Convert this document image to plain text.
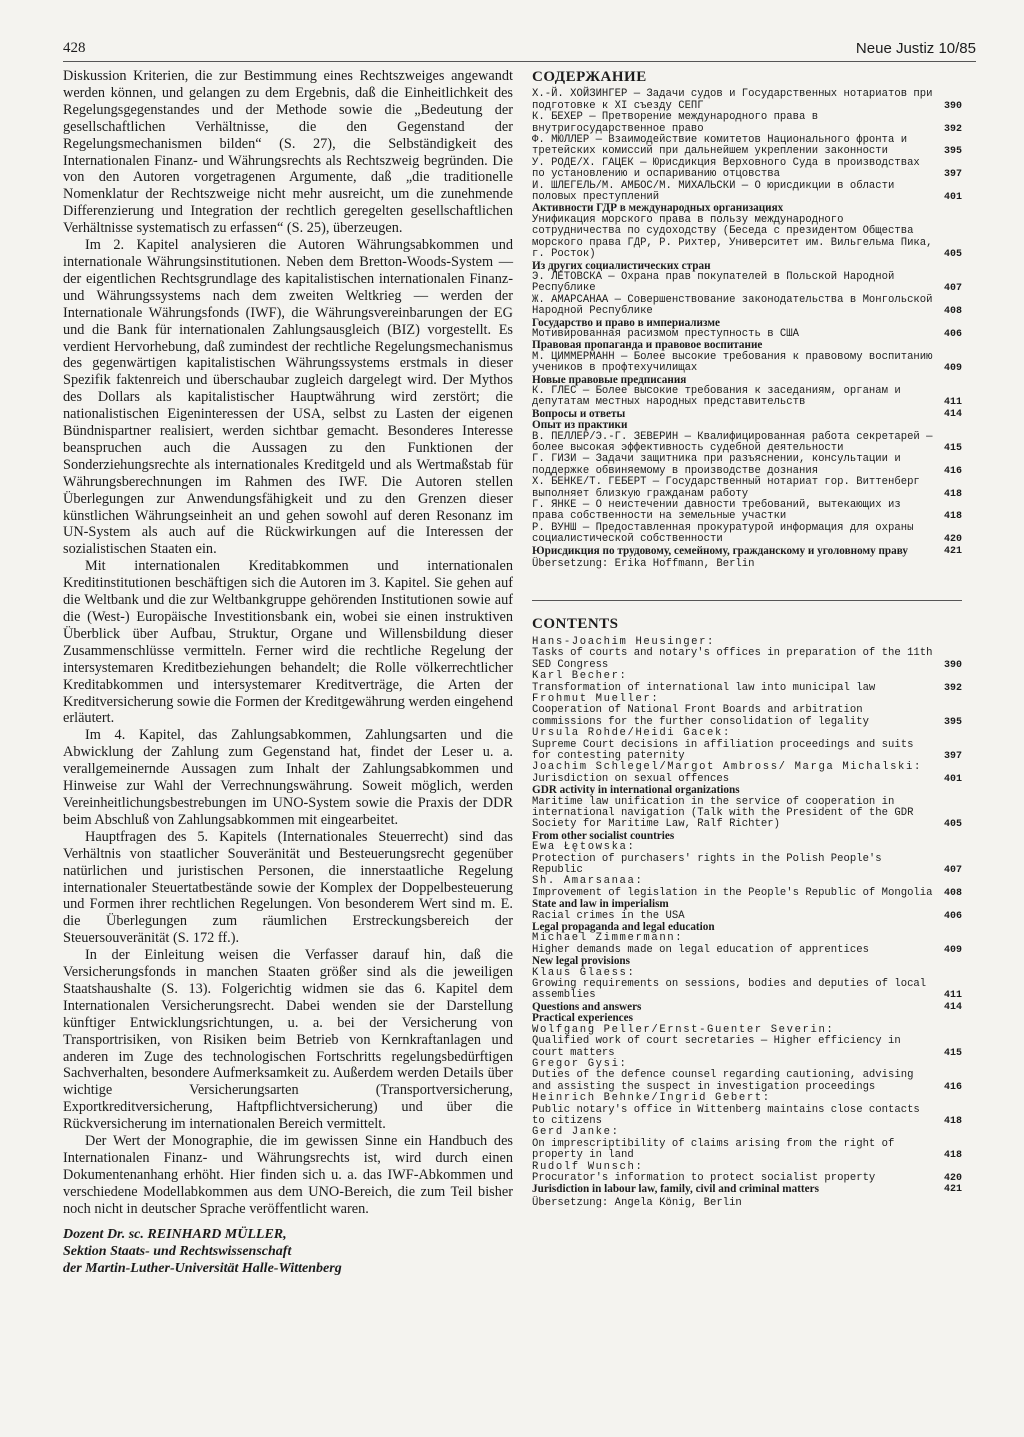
428	Neue Justiz 10/85

Diskussion Kriterien, die zur Bestimmung eines Rechtszweiges angewandt werden können, und gelangen zu dem Ergebnis, daß die Einheitlichkeit des Regelungsgegenstandes und der Methode sowie die „Bedeutung der gesellschaftlichen Verhältnisse, die den Gegenstand der Regelungsmechanismen bilden“ (S. 27), die Selbständigkeit des Internationalen Finanz- und Währungsrechts als Rechtszweig begründen. Die von den Autoren vorgetragenen Argumente, daß „die traditionelle Nomenklatur der Rechtszweige nicht mehr ausreicht, um die zunehmende Differenzierung und Integration der rechtlich geregelten gesellschaftlichen Verhältnisse systematisch zu erfassen“ (S. 25), überzeugen.

Im 2. Kapitel analysieren die Autoren Währungsabkommen und internationale Währungsinstitutionen. Neben dem Bretton-Woods-System — der eigentlichen Rechtsgrundlage des kapitalistischen internationalen Finanz- und Währungssystems nach dem zweiten Weltkrieg — werden der Internationale Währungsfonds (IWF), die Währungsvereinbarungen der EG und die Bank für internationalen Zahlungsausgleich (BIZ) vorgestellt. Es verdient Hervorhebung, daß zumindest der rechtliche Regelungsmechanismus des gegenwärtigen kapitalistischen Währungssystems erstmals in dieser Spezifik faktenreich und überschaubar zugleich dargelegt wird. Der Mythos des Dollars als kapitalistischer Hauptwährung wird zerstört; die nationalistischen Eigeninteressen der USA, selbst zu Lasten der eigenen Bündnispartner realisiert, werden sichtbar gemacht. Besonderes Interesse beanspruchen auch die Aussagen zu den Funktionen der Sonderziehungsrechte als internationales Kreditgeld und als Wertmaßstab für Währungsberechnungen im Rahmen des IWF. Die Autoren stellen Überlegungen zur Anwendungsfähigkeit und zu den Grenzen dieser künstlichen Währungseinheit an und gehen sowohl auf deren Resonanz im UN-System als auch auf die Rückwirkungen auf die Interessen der sozialistischen Staaten ein.

Mit internationalen Kreditabkommen und internationalen Kreditinstitutionen beschäftigen sich die Autoren im 3. Kapitel. Sie gehen auf die Weltbank und die zur Weltbankgruppe gehörenden Institutionen sowie auf die (West-) Europäische Investitionsbank ein, wobei sie einen instruktiven Überblick über Aufbau, Struktur, Organe und Willensbildung dieser Zusammenschlüsse vermitteln. Ferner wird die rechtliche Regelung der intersystemaren Kreditbeziehungen behandelt; die Rolle völkerrechtlicher Kreditabkommen und intersystemarer Kreditverträge, die Arten der Kreditversicherung sowie die Formen der Kreditgewährung werden eingehend erläutert.

Im 4. Kapitel, das Zahlungsabkommen, Zahlungsarten und die Abwicklung der Zahlung zum Gegenstand hat, findet der Leser u. a. verallgemeinernde Aussagen zum Inhalt der Zahlungsabkommen und Hinweise zur Wahl der Verrechnungswährung. Soweit möglich, werden Vereinheitlichungsbestrebungen im UNO-System sowie die Praxis der DDR beim Abschluß von Zahlungsabkommen mit eingearbeitet.

Hauptfragen des 5. Kapitels (Internationales Steuerrecht) sind das Verhältnis von staatlicher Souveränität und Besteuerungsrecht gegenüber natürlichen und juristischen Personen, die innerstaatliche Regelung internationaler Steuertatbestände sowie der Komplex der Doppelbesteuerung und Formen ihrer rechtlichen Regelungen. Von besonderem Wert sind m. E. die Überlegungen zum räumlichen Erstreckungsbereich der Steuersouveränität (S. 172 ff.).

In der Einleitung weisen die Verfasser darauf hin, daß die Versicherungsfonds in manchen Staaten größer sind als die jeweiligen Staatshaushalte (S. 13). Folgerichtig widmen sie das 6. Kapitel dem Internationalen Versicherungsrecht. Dabei wenden sie der Darstellung künftiger Entwicklungsrichtungen, u. a. bei der Versicherung von Transportrisiken, von Risiken beim Betrieb von Kernkraftanlagen und anderen im Zuge des technologischen Fortschritts regelungsbedürftigen Sachverhalten, besondere Aufmerksamkeit zu. Außerdem werden Details über wichtige Versicherungsarten (Transportversicherung, Exportkreditversicherung, Haftpflichtversicherung) und über die Rückversicherung im internationalen Bereich vermittelt.

Der Wert der Monographie, die im gewissen Sinne ein Handbuch des Internationalen Finanz- und Währungsrechts ist, wird durch einen Dokumentenanhang erhöht. Hier finden sich u. a. das IWF-Abkommen und verschiedene Modellabkommen aus dem UNO-Bereich, die zum Teil bisher noch nicht in deutscher Sprache veröffentlicht waren.

Dozent Dr. sc. REINHARD MÜLLER,
Sektion Staats- und Rechtswissenschaft
der Martin-Luther-Universität Halle-Wittenberg
СОДЕРЖАНИЕ
Х.-Й. ХОЙЗИНГЕР — Задачи судов и Государственных нотариатов при подготовке к XI съезду СЕПГ	390
К. БЕХЕР — Претворение международного права в внутригосударственное право	392
Ф. МЮЛЛЕР — Взаимодействие комитетов Национального фронта и третейских комиссий при дальнейшем укреплении законности	395
У. РОДЕ/Х. ГАЦЕК — Юрисдикция Верховного Суда в производствах по установлению и оспариванию отцовства	397
И. ШЛЕГЕЛЬ/М. АМБОС/М. МИХАЛЬСКИ — О юрисдикции в области половых преступлений	401
Активности ГДР в международных организациях
Унификация морского права в пользу международного сотрудничества по судоходству (Беседа с президентом Общества морского права ГДР, Р. Рихтер, Университет им. Вильгельма Пика, г. Росток)	405
Из других социалистических стран
Э. ЛЕТОВСКА — Охрана прав покупателей в Польской Народной Республике	407
Ж. АМАРСАНАА — Совершенствование законодательства в Монгольской Народной Республике	408
Государство и право в империализме
Мотивированная расизмом преступность в США	406
Правовая пропаганда и правовое воспитание
М. ЦИММЕРМАНН — Более высокие требования к правовому воспитанию учеников в профтехучилищах	409
Новые правовые предписания
К. ГЛЕС — Более высокие требования к заседаниям, органам и депутатам местных народных представительств	411
Вопросы и ответы	414
Опыт из практики
В. ПЕЛЛЕР/Э.-Г. ЗЕВЕРИН — Квалифицированная работа секретарей — более высокая эффективность судебной деятельности	415
Г. ГИЗИ — Задачи защитника при разъяснении, консультации и поддержке обвиняемому в производстве дознания	416
Х. БЕНКЕ/Т. ГЕБЕРТ — Государственный нотариат гор. Виттенберг выполняет близкую гражданам работу	418
Г. ЯНКЕ — О неистечении давности требований, вытекающих из права собственности на земельные участки	418
Р. ВУНШ — Предоставленная прокуратурой информация для охраны социалистической собственности	420
Юрисдикция по трудовому, семейному, гражданскому и уголовному праву	421
Übersetzung: Erika Hoffmann, Berlin
CONTENTS
Hans-Joachim Heusinger:
Tasks of courts and notary's offices in preparation of the 11th SED Congress	390
Karl Becher:
Transformation of international law into municipal law	392
Frohmut Mueller:
Cooperation of National Front Boards and arbitration commissions for the further consolidation of legality	395
Ursula Rohde/Heidi Gacek:
Supreme Court decisions in affiliation proceedings and suits for contesting paternity	397
Joachim Schlegel/Margot Ambross/ Marga Michalski:
Jurisdiction on sexual offences	401
GDR activity in international organizations
Maritime law unification in the service of cooperation in international navigation (Talk with the President of the GDR Society for Maritime Law, Ralf Richter)	405
From other socialist countries
Ewa Łętowska:
Protection of purchasers' rights in the Polish People's Republic	407
Sh. Amarsanaa:
Improvement of legislation in the People's Republic of Mongolia	408
State and law in imperialism
Racial crimes in the USA	406
Legal propaganda and legal education
Michael Zimmermann:
Higher demands made on legal education of apprentices	409
New legal provisions
Klaus Glaess:
Growing requirements on sessions, bodies and deputies of local assemblies	411
Questions and answers	414
Practical experiences
Wolfgang Peller/Ernst-Guenter Severin:
Qualified work of court secretaries — Higher efficiency in court matters	415
Gregor Gysi:
Duties of the defence counsel regarding cautioning, advising and assisting the suspect in investigation proceedings	416
Heinrich Behnke/Ingrid Gebert:
Public notary's office in Wittenberg maintains close contacts to citizens	418
Gerd Janke:
On imprescriptibility of claims arising from the right of property in land	418
Rudolf Wunsch:
Procurator's information to protect socialist property	420
Jurisdiction in labour law, family, civil and criminal matters	421
Übersetzung: Angela König, Berlin
